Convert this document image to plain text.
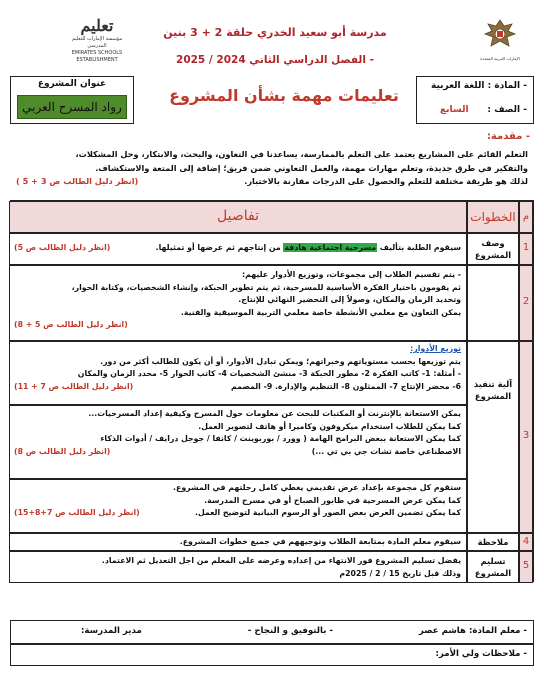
الإمارات العربية المتحدة
مدرسة أبو سعيد الخدري حلقة 2 + 3 بنين
- الفصل الدراسي الثاني 2024 / 2025
تعليم
مؤسسة الإمارات للتعليم المدرسي
EMIRATES SCHOOLS ESTABLISHMENT
- المادة : اللغة العربية
- الصف :      السابع
تعليمات مهمة بشأن المشروع
عنوان المشروع
رواد المسرح العربي
- مقدمة:
التعلم القائم على المشاريع يعتمد على التعلم بالممارسة، يساعدنا في التعاون، والبحث، والابتكار، وحل المشكلات،
والتفكير في طرق جديدة، وتعلم مهارات مهمة، والعمل التعاوني ضمن فريق؛ إضافة إلى المتعة والاستكشاف.
لذلك هو طريقة مختلفة للتعلم والحصول على الدرجات مقارنة بالاختبار.
(انظر دليل الطالب ص 3 + 5 )
م
الخطوات
تفاصيل
1
وصف
المشروع
سيقوم الطلبة بتأليف مسرحية اجتماعية هادفة من إنتاجهم ثم عرضها أو تمثيلها.
(انظر دليل الطالب ص 5)
2
- يتم تقسيم الطلاب إلى مجموعات، وتوزيع الأدوار عليهم:
ثم يقومون باختيار الفكرة الأساسية للمسرحية، ثم يتم تطوير الحبكة، وإنشاء الشخصيات، وكتابة الحوار،
وتحديد الزمان والمكان، وصولاً إلى التحضير النهائي للإنتاج.
يمكن التعاون مع معلمي الأنشطة خاصة معلمي التربية الموسيقية والفنية.
(انظر دليل الطالب ص 5 + 8)
3
آلية تنفيذ
المشروع
توزيع الأدوار:
يتم توزيعها بحسب مستوياتهم وخبراتهم؛ ويمكن تبادل الأدوار، أو أن يكون للطالب أكثر من دور.
- أمثلة: 1- كاتب الفكرة 2- مطور الحبكة 3- منشئ الشخصيات 4- كاتب الحوار 5- محدد الزمان والمكان
6- محضر الإنتاج 7- الممثلون 8- التنظيم والإدارة. 9- المصمم
(انظر دليل الطالب ص 7 + 11)
يمكن الاستعانة بالإنترنت أو المكتبات للبحث عن معلومات حول المسرح وكيفية إعداد المسرحيات...
كما يمكن للطلاب استخدام ميكروفون وكاميرا أو هاتف لتصوير العمل.
كما يمكن الاستعانة ببعض البرامج الهامة ( وورد / بوربوينت / كانفا / جوجل درايف / أدوات الذكاء
الاصطناعي خاصة تشات جي بي تي ...)
(انظر دليل الطالب ص 8)
ستقوم كل مجموعة بإعداد عرض تقديمي يغطي كامل رحلتهم في المشروع.
كما يمكن عرض المسرحية في طابور الصباح أو في مسرح المدرسة.
كما يمكن تضمين العرض بعض الصور أو الرسوم البيانية لتوضيح العمل.
(انظر دليل الطالب ص 7+8+15)
4
ملاحظة
سيقوم معلم المادة بمتابعة الطلاب وتوجيههم في جميع خطوات المشروع.
5
تسليم
المشروع
يفضل تسليم المشروع فور الانتهاء من إعداده وعرضه على المعلم من اجل التعديل ثم الاعتماد.
وذلك قبل تاريخ 15 / 2 / 2025م
- معلم المادة: هاشم عصر
- بالتوفيق و النجاح -
مدير المدرسة:
- ملاحظات ولي الأمر:
